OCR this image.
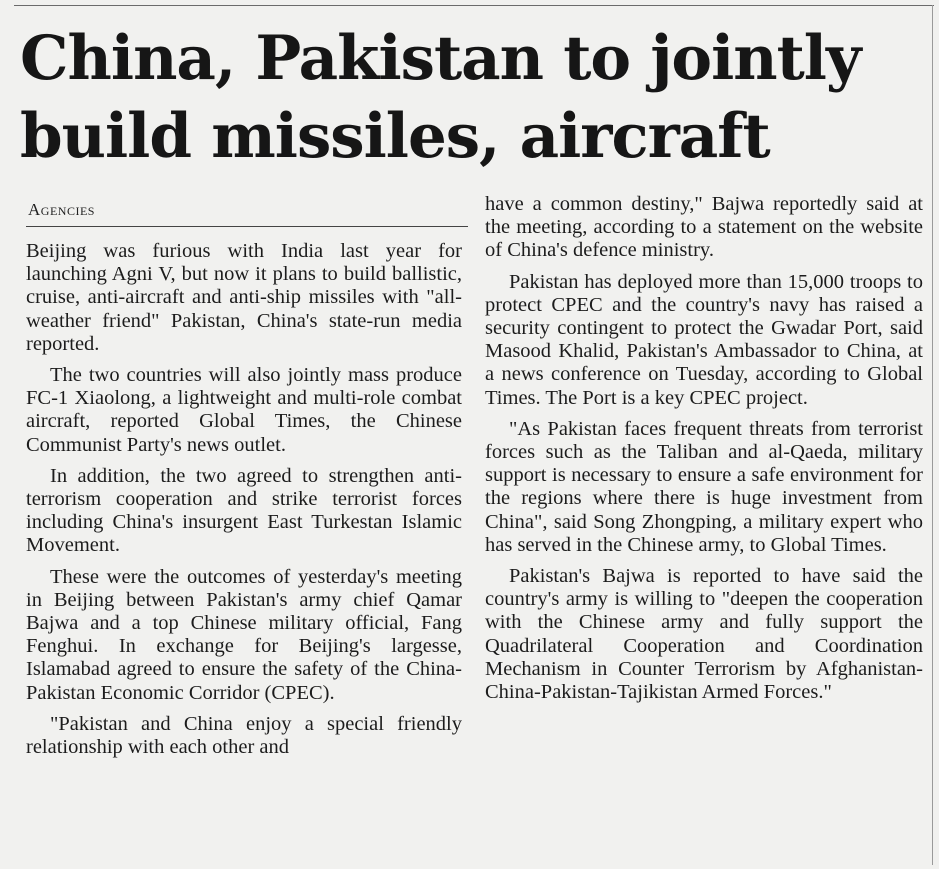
China, Pakistan to jointly
build missiles, aircraft
Agencies

Beijing was furious with India last year for launching Agni V, but now it plans to build ballistic, cruise, anti-aircraft and anti-ship missiles with "all-weather friend" Pakistan, China's state-run media reported.

The two countries will also jointly mass produce FC-1 Xiaolong, a lightweight and multi-role combat aircraft, reported Global Times, the Chinese Communist Party's news outlet.

In addition, the two agreed to strengthen anti-terrorism cooperation and strike terrorist forces including China's insurgent East Turkestan Islamic Movement.

These were the outcomes of yesterday's meeting in Beijing between Pakistan's army chief Qamar Bajwa and a top Chinese military official, Fang Fenghui. In exchange for Beijing's largesse, Islamabad agreed to ensure the safety of the China-Pakistan Economic Corridor (CPEC).

"Pakistan and China enjoy a special friendly relationship with each other and

have a common destiny," Bajwa reportedly said at the meeting, according to a statement on the website of China's defence ministry.

Pakistan has deployed more than 15,000 troops to protect CPEC and the country's navy has raised a security contingent to protect the Gwadar Port, said Masood Khalid, Pakistan's Ambassador to China, at a news conference on Tuesday, according to Global Times. The Port is a key CPEC project.

"As Pakistan faces frequent threats from terrorist forces such as the Taliban and al-Qaeda, military support is necessary to ensure a safe environment for the regions where there is huge investment from China", said Song Zhongping, a military expert who has served in the Chinese army, to Global Times.

Pakistan's Bajwa is reported to have said the country's army is willing to "deepen the cooperation with the Chinese army and fully support the Quadrilateral Cooperation and Coordination Mechanism in Counter Terrorism by Afghanistan-China-Pakistan-Tajikistan Armed Forces."
